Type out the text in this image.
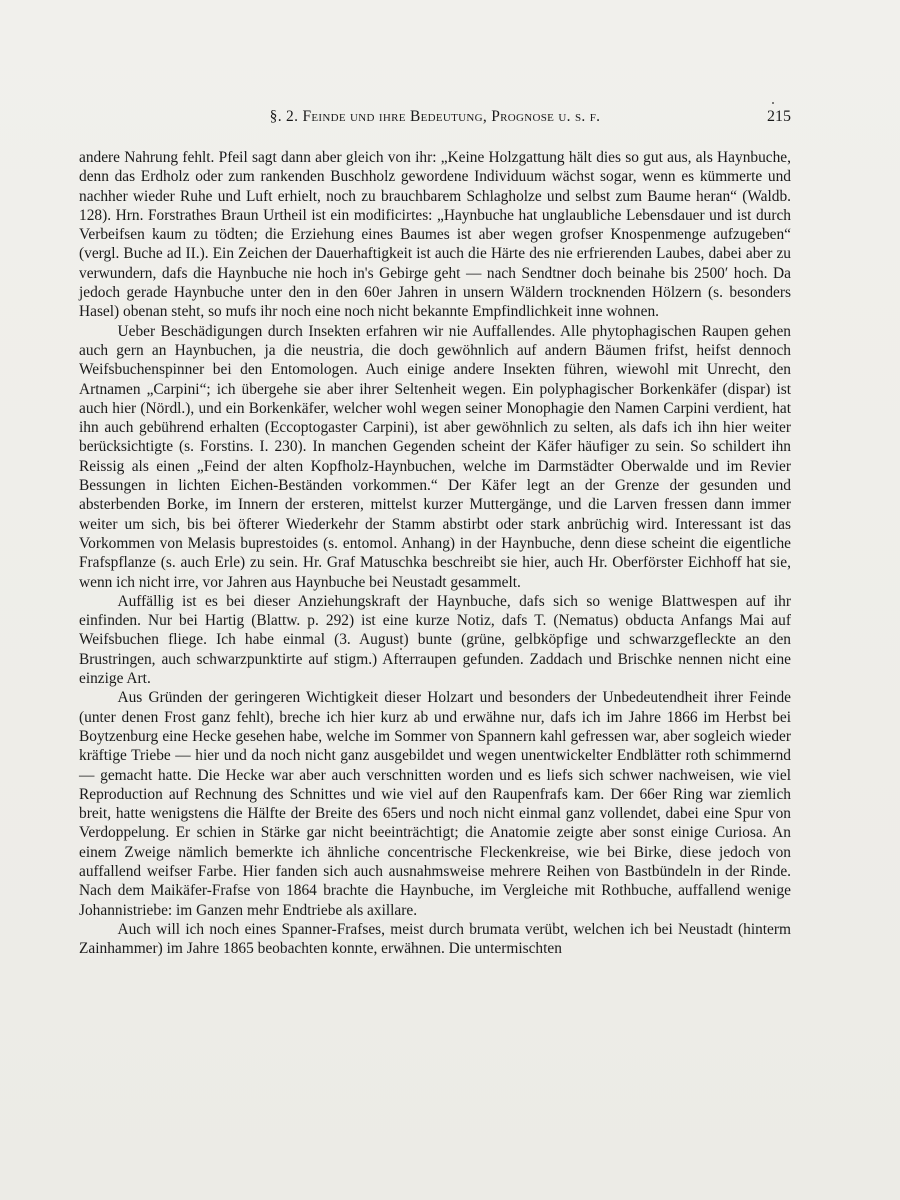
§. 2. Feinde und ihre Bedeutung, Prognose u. s. f.	215

andere Nahrung fehlt. Pfeil sagt dann aber gleich von ihr: „Keine Holzgattung hält dies so gut aus, als Haynbuche, denn das Erdholz oder zum rankenden Buschholz gewordene Individuum wächst sogar, wenn es kümmerte und nachher wieder Ruhe und Luft erhielt, noch zu brauchbarem Schlagholze und selbst zum Baume heran“ (Waldb. 128). Hrn. Forstrathes Braun Urtheil ist ein modificirtes: „Haynbuche hat unglaubliche Lebensdauer und ist durch Verbeifsen kaum zu tödten; die Erziehung eines Baumes ist aber wegen grofser Knospenmenge aufzugeben“ (vergl. Buche ad II.). Ein Zeichen der Dauerhaftigkeit ist auch die Härte des nie erfrierenden Laubes, dabei aber zu verwundern, dafs die Haynbuche nie hoch in's Gebirge geht — nach Sendtner doch beinahe bis 2500′ hoch. Da jedoch gerade Haynbuche unter den in den 60er Jahren in unsern Wäldern trocknenden Hölzern (s. besonders Hasel) obenan steht, so mufs ihr noch eine noch nicht bekannte Empfindlichkeit inne wohnen.

Ueber Beschädigungen durch Insekten erfahren wir nie Auffallendes. Alle phytophagischen Raupen gehen auch gern an Haynbuchen, ja die neustria, die doch gewöhnlich auf andern Bäumen frifst, heifst dennoch Weifsbuchenspinner bei den Entomologen. Auch einige andere Insekten führen, wiewohl mit Unrecht, den Artnamen „Carpini“; ich übergehe sie aber ihrer Seltenheit wegen. Ein polyphagischer Borkenkäfer (dispar) ist auch hier (Nördl.), und ein Borkenkäfer, welcher wohl wegen seiner Monophagie den Namen Carpini verdient, hat ihn auch gebührend erhalten (Eccoptogaster Carpini), ist aber gewöhnlich zu selten, als dafs ich ihn hier weiter berücksichtigte (s. Forstins. I. 230). In manchen Gegenden scheint der Käfer häufiger zu sein. So schildert ihn Reissig als einen „Feind der alten Kopfholz-Haynbuchen, welche im Darmstädter Oberwalde und im Revier Bessungen in lichten Eichen-Beständen vorkommen.“ Der Käfer legt an der Grenze der gesunden und absterbenden Borke, im Innern der ersteren, mittelst kurzer Muttergänge, und die Larven fressen dann immer weiter um sich, bis bei öfterer Wiederkehr der Stamm abstirbt oder stark anbrüchig wird. Interessant ist das Vorkommen von Melasis buprestoides (s. entomol. Anhang) in der Haynbuche, denn diese scheint die eigentliche Frafspflanze (s. auch Erle) zu sein. Hr. Graf Matuschka beschreibt sie hier, auch Hr. Oberförster Eichhoff hat sie, wenn ich nicht irre, vor Jahren aus Haynbuche bei Neustadt gesammelt.

Auffällig ist es bei dieser Anziehungskraft der Haynbuche, dafs sich so wenige Blattwespen auf ihr einfinden. Nur bei Hartig (Blattw. p. 292) ist eine kurze Notiz, dafs T. (Nematus) obducta Anfangs Mai auf Weifsbuchen fliege. Ich habe einmal (3. August) bunte (grüne, gelbköpfige und schwarzgefleckte an den Brustringen, auch schwarzpunktirte auf stigm.) Afterraupen gefunden. Zaddach und Brischke nennen nicht eine einzige Art.

Aus Gründen der geringeren Wichtigkeit dieser Holzart und besonders der Unbedeutendheit ihrer Feinde (unter denen Frost ganz fehlt), breche ich hier kurz ab und erwähne nur, dafs ich im Jahre 1866 im Herbst bei Boytzenburg eine Hecke gesehen habe, welche im Sommer von Spannern kahl gefressen war, aber sogleich wieder kräftige Triebe — hier und da noch nicht ganz ausgebildet und wegen unentwickelter Endblätter roth schimmernd — gemacht hatte. Die Hecke war aber auch verschnitten worden und es liefs sich schwer nachweisen, wie viel Reproduction auf Rechnung des Schnittes und wie viel auf den Raupenfrafs kam. Der 66er Ring war ziemlich breit, hatte wenigstens die Hälfte der Breite des 65ers und noch nicht einmal ganz vollendet, dabei eine Spur von Verdoppelung. Er schien in Stärke gar nicht beeinträchtigt; die Anatomie zeigte aber sonst einige Curiosa. An einem Zweige nämlich bemerkte ich ähnliche concentrische Fleckenkreise, wie bei Birke, diese jedoch von auffallend weifser Farbe. Hier fanden sich auch ausnahmsweise mehrere Reihen von Bastbündeln in der Rinde. Nach dem Maikäfer-Frafse von 1864 brachte die Haynbuche, im Vergleiche mit Rothbuche, auffallend wenige Johannistriebe: im Ganzen mehr Endtriebe als axillare.

Auch will ich noch eines Spanner-Frafses, meist durch brumata verübt, welchen ich bei Neustadt (hinterm Zainhammer) im Jahre 1865 beobachten konnte, erwähnen. Die untermischten
